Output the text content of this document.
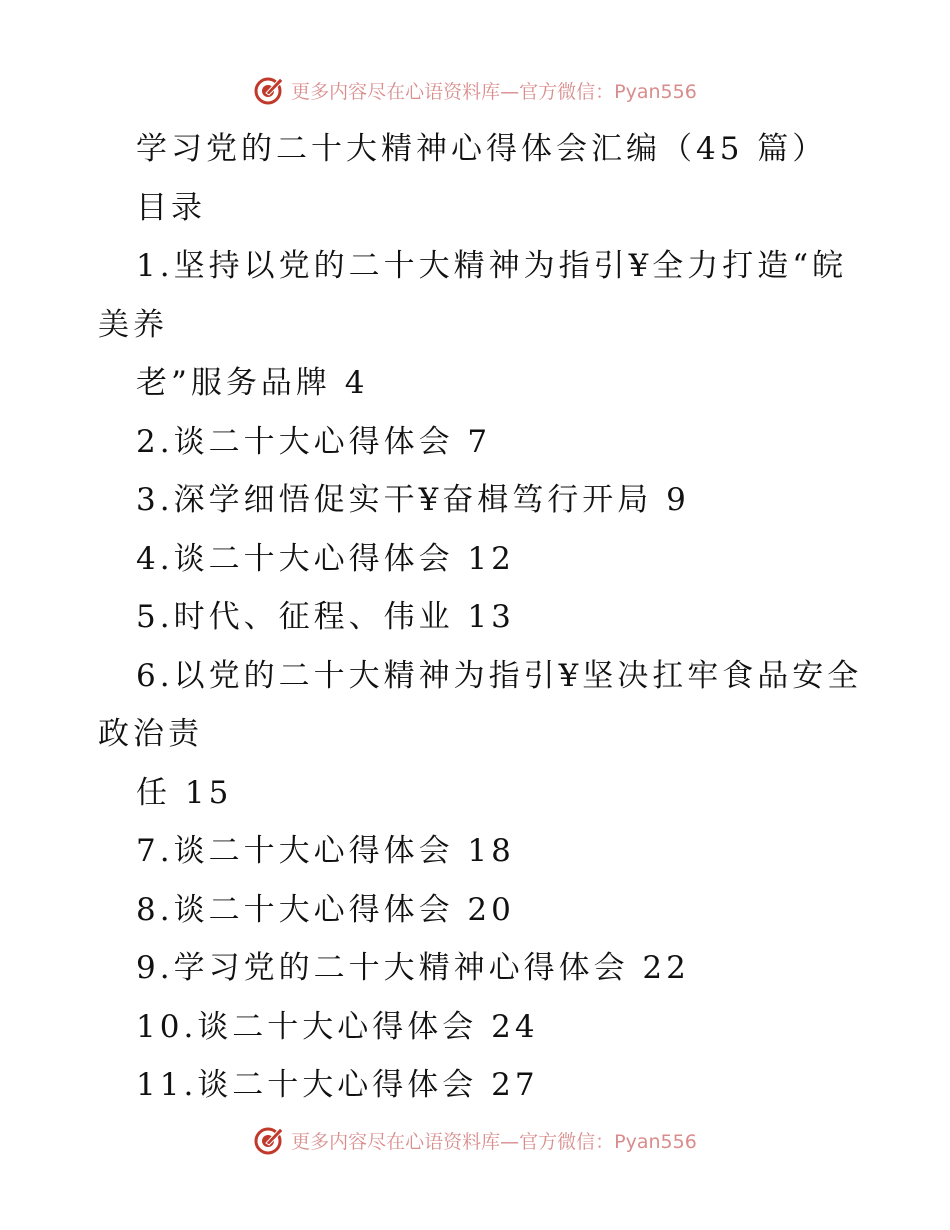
更多内容尽在心语资料库—官方微信：Pyan556
学习党的二十大精神心得体会汇编（45 篇）
目录
1.坚持以党的二十大精神为指引¥全力打造“皖
美养
老”服务品牌 4
2.谈二十大心得体会 7
3.深学细悟促实干¥奋楫笃行开局 9
4.谈二十大心得体会 12
5.时代、征程、伟业 13
6.以党的二十大精神为指引¥坚决扛牢食品安全
政治责
任 15
7.谈二十大心得体会 18
8.谈二十大心得体会 20
9.学习党的二十大精神心得体会 22
10.谈二十大心得体会 24
11.谈二十大心得体会 27
更多内容尽在心语资料库—官方微信：Pyan556
